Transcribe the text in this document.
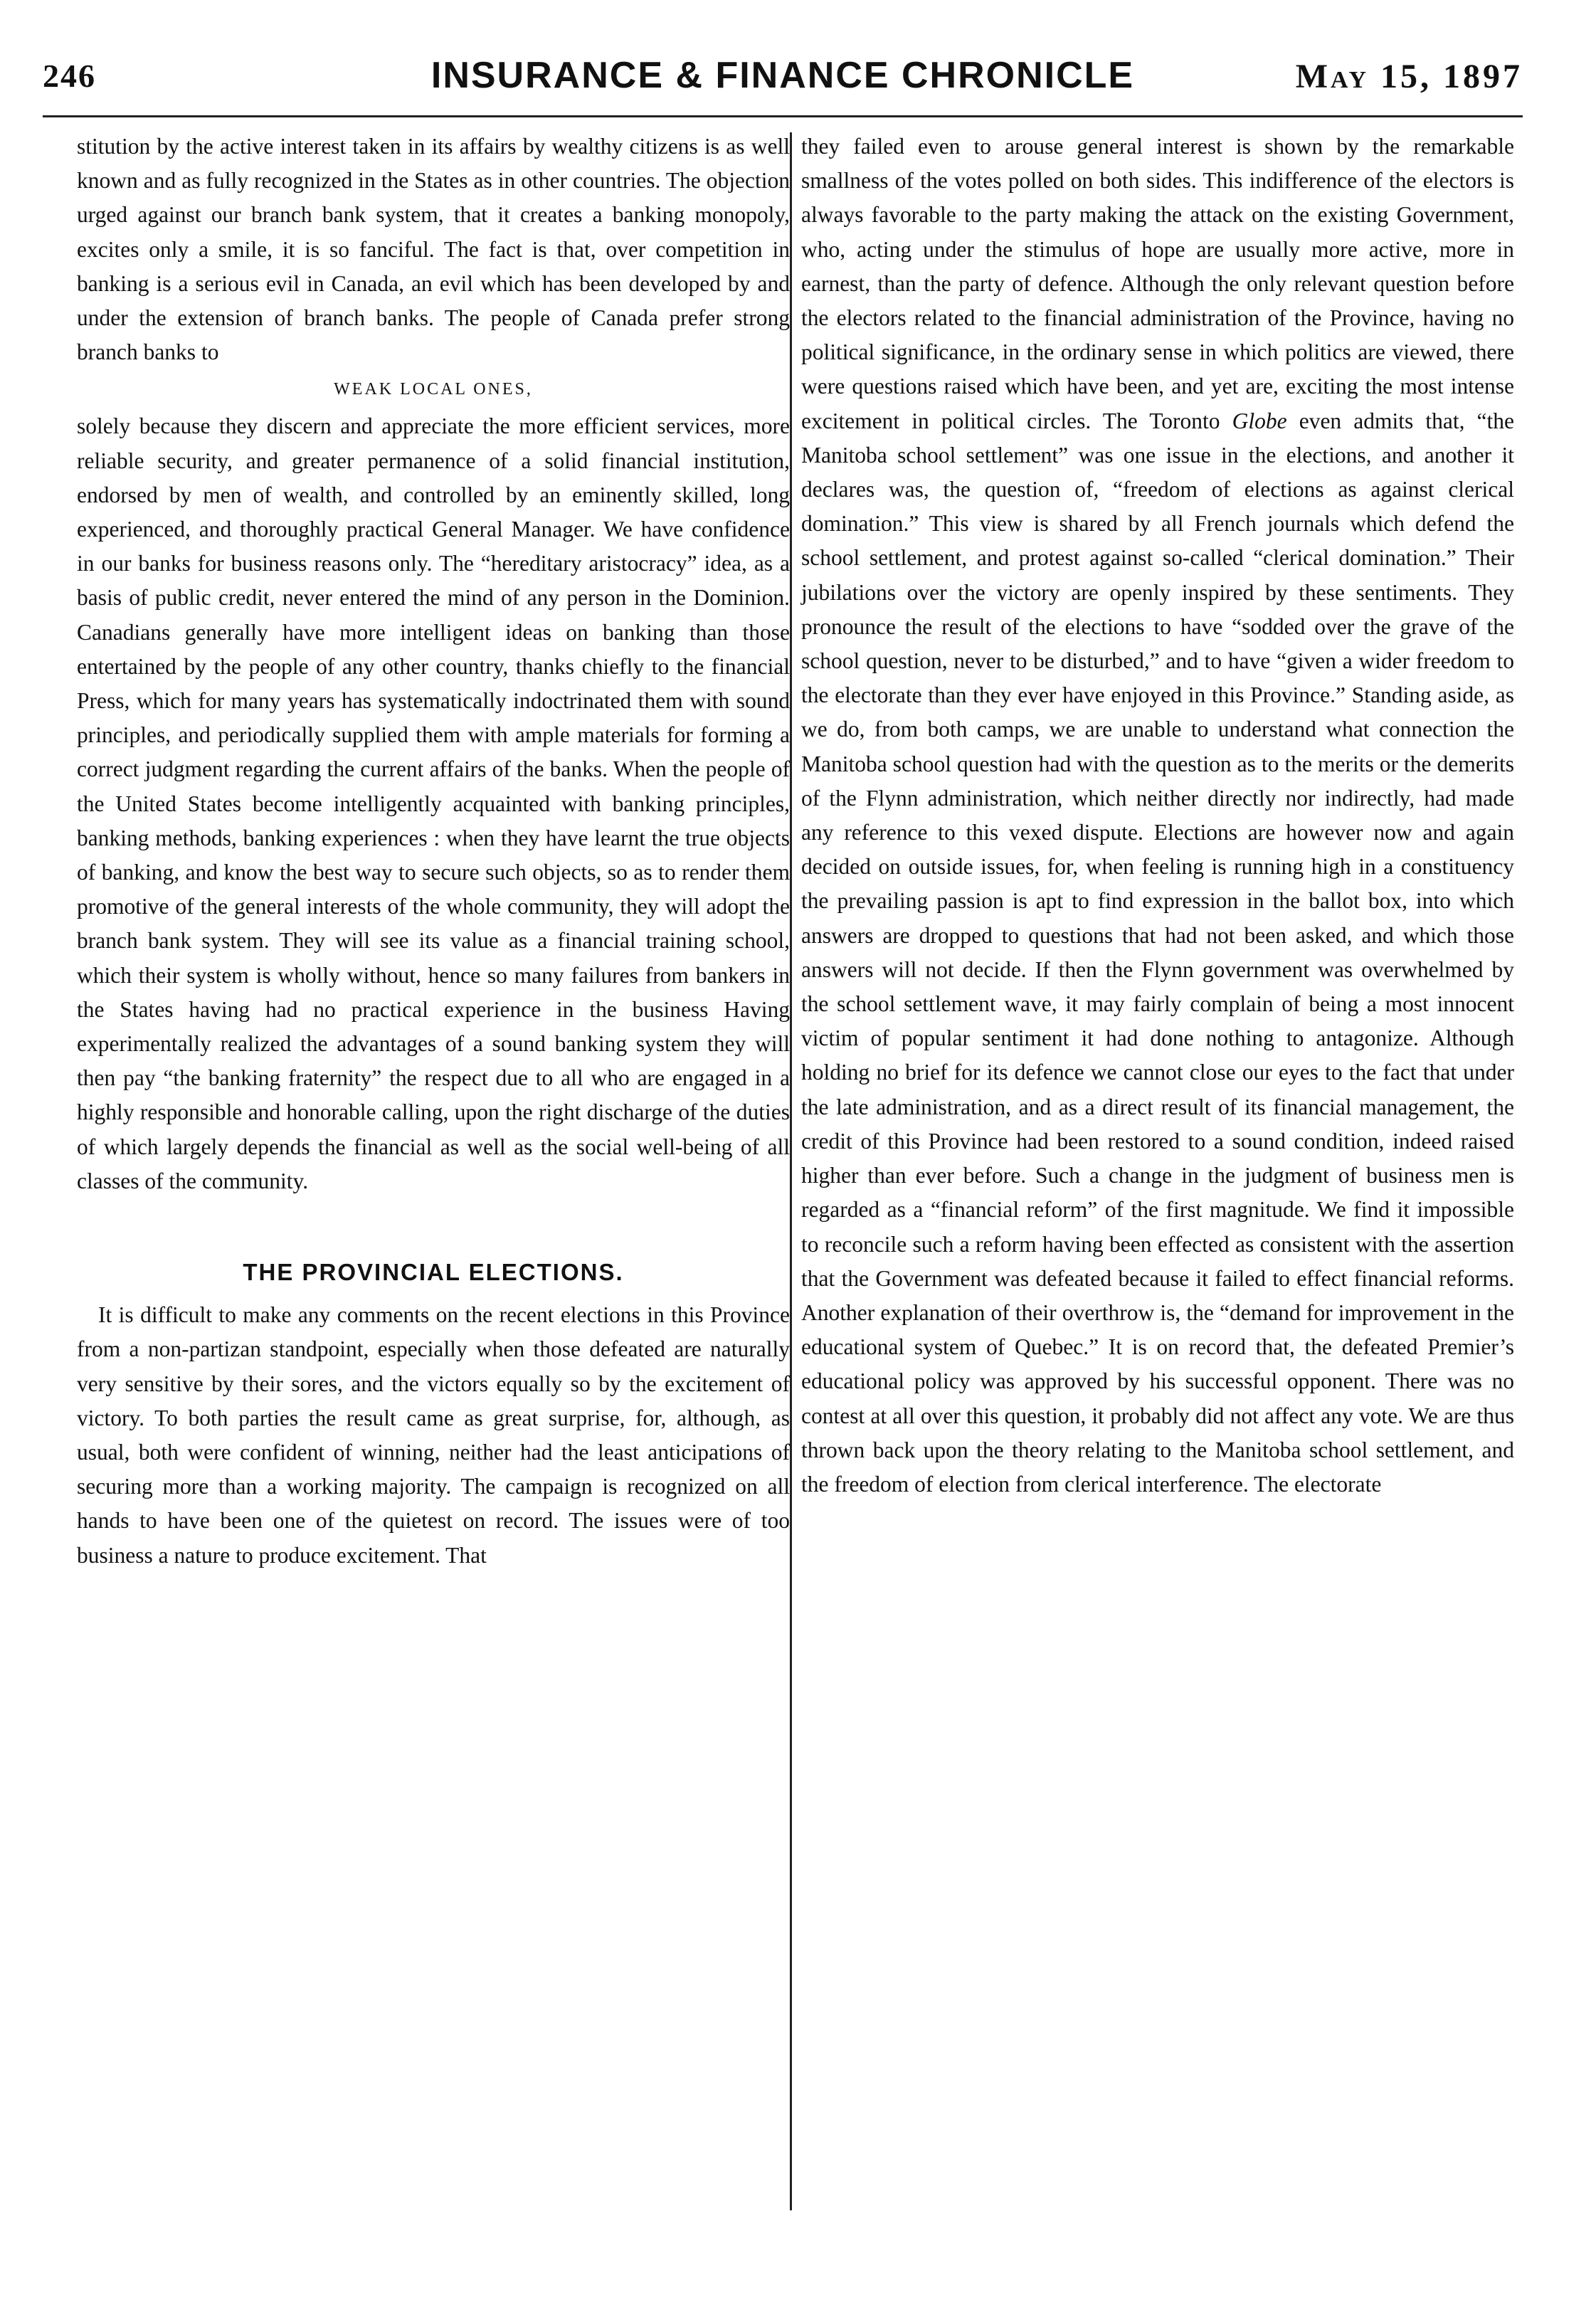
246	INSURANCE & FINANCE CHRONICLE	May 15, 1897

stitution by the active interest taken in its affairs by wealthy citizens is as well known and as fully recognized in the States as in other countries. The objection urged against our branch bank system, that it creates a banking monopoly, excites only a smile, it is so fanciful. The fact is that, over competition in banking is a serious evil in Canada, an evil which has been developed by and under the extension of branch banks. The people of Canada prefer strong branch banks to

WEAK LOCAL ONES,

solely because they discern and appreciate the more efficient services, more reliable security, and greater permanence of a solid financial institution, endorsed by men of wealth, and controlled by an eminently skilled, long experienced, and thoroughly practical General Manager. We have confidence in our banks for business reasons only. The “hereditary aristocracy” idea, as a basis of public credit, never entered the mind of any person in the Dominion. Canadians generally have more intelligent ideas on banking than those entertained by the people of any other country, thanks chiefly to the financial Press, which for many years has systematically indoctrinated them with sound principles, and periodically supplied them with ample materials for forming a correct judgment regarding the current affairs of the banks. When the people of the United States become intelligently acquainted with banking principles, banking methods, banking experiences : when they have learnt the true objects of banking, and know the best way to secure such objects, so as to render them promotive of the general interests of the whole community, they will adopt the branch bank system. They will see its value as a financial training school, which their system is wholly without, hence so many failures from bankers in the States having had no practical experience in the business Having experimentally realized the advantages of a sound banking system they will then pay “the banking fraternity” the respect due to all who are engaged in a highly responsible and honorable calling, upon the right discharge of the duties of which largely depends the financial as well as the social well-being of all classes of the community.

THE PROVINCIAL ELECTIONS.

It is difficult to make any comments on the recent elections in this Province from a non-partizan standpoint, especially when those defeated are naturally very sensitive by their sores, and the victors equally so by the excitement of victory. To both parties the result came as great surprise, for, although, as usual, both were confident of winning, neither had the least anticipations of securing more than a working majority. The campaign is recognized on all hands to have been one of the quietest on record. The issues were of too business a nature to produce excitement. That

they failed even to arouse general interest is shown by the remarkable smallness of the votes polled on both sides. This indifference of the electors is always favorable to the party making the attack on the existing Government, who, acting under the stimulus of hope are usually more active, more in earnest, than the party of defence. Although the only relevant question before the electors related to the financial administration of the Province, having no political significance, in the ordinary sense in which politics are viewed, there were questions raised which have been, and yet are, exciting the most intense excitement in political circles. The Toronto Globe even admits that, “the Manitoba school settlement” was one issue in the elections, and another it declares was, the question of, “freedom of elections as against clerical domination.” This view is shared by all French journals which defend the school settlement, and protest against so-called “clerical domination.” Their jubilations over the victory are openly inspired by these sentiments. They pronounce the result of the elections to have “sodded over the grave of the school question, never to be disturbed,” and to have “given a wider freedom to the electorate than they ever have enjoyed in this Province.” Standing aside, as we do, from both camps, we are unable to understand what connection the Manitoba school question had with the question as to the merits or the demerits of the Flynn administration, which neither directly nor indirectly, had made any reference to this vexed dispute. Elections are however now and again decided on outside issues, for, when feeling is running high in a constituency the prevailing passion is apt to find expression in the ballot box, into which answers are dropped to questions that had not been asked, and which those answers will not decide. If then the Flynn government was overwhelmed by the school settlement wave, it may fairly complain of being a most innocent victim of popular sentiment it had done nothing to antagonize. Although holding no brief for its defence we cannot close our eyes to the fact that under the late administration, and as a direct result of its financial management, the credit of this Province had been restored to a sound condition, indeed raised higher than ever before. Such a change in the judgment of business men is regarded as a “financial reform” of the first magnitude. We find it impossible to reconcile such a reform having been effected as consistent with the assertion that the Government was defeated because it failed to effect financial reforms. Another explanation of their overthrow is, the “demand for improvement in the educational system of Quebec.” It is on record that, the defeated Premier’s educational policy was approved by his successful opponent. There was no contest at all over this question, it probably did not affect any vote. We are thus thrown back upon the theory relating to the Manitoba school settlement, and the freedom of election from clerical interference. The electorate
